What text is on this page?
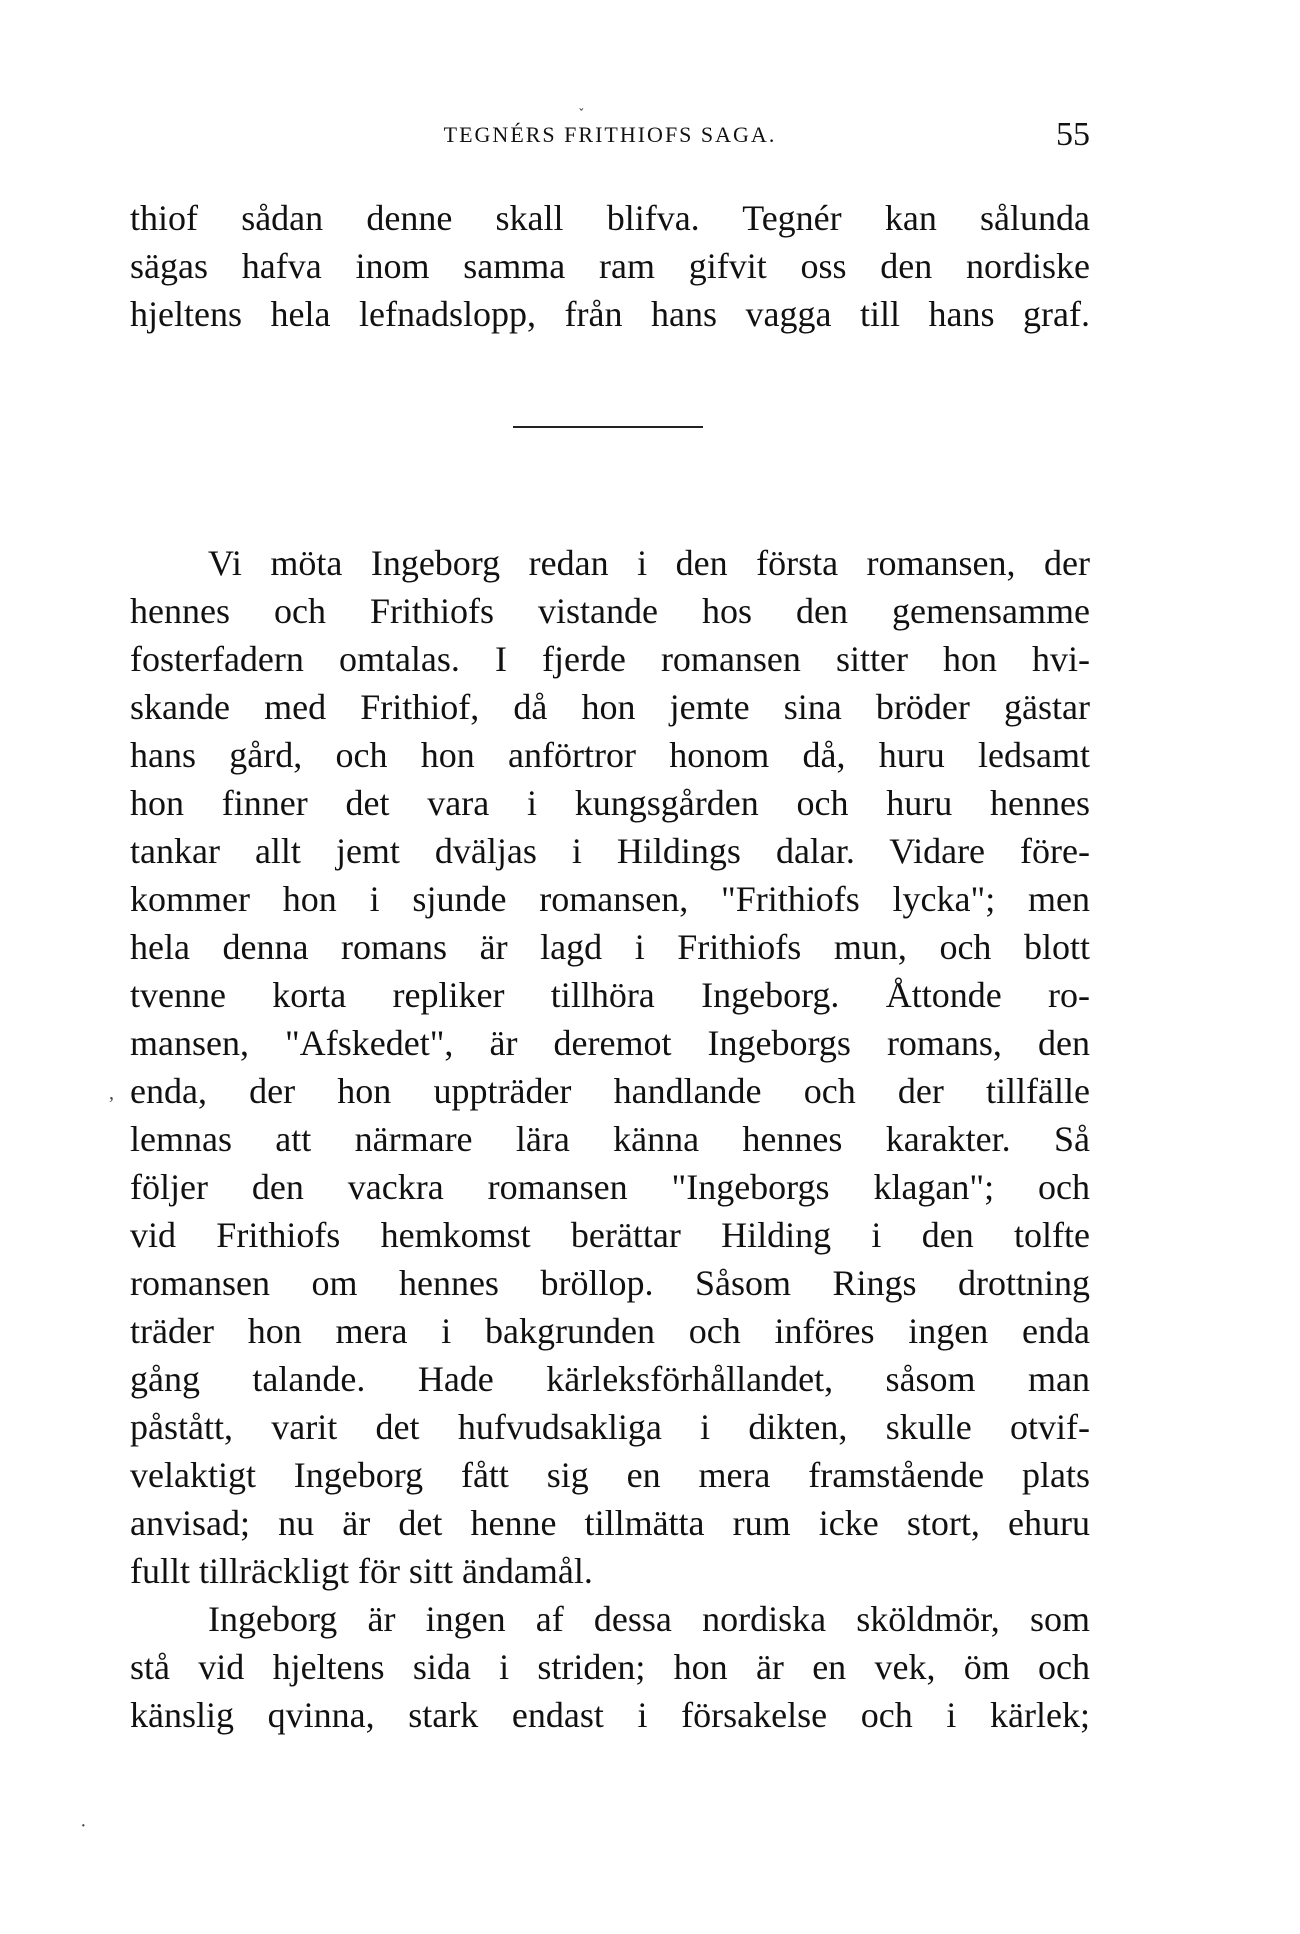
TEGNÉRS FRITHIOFS SAGA.	55
thiof sådan denne skall blifva. Tegnér kan sålunda
sägas hafva inom samma ram gifvit oss den nordiske
hjeltens hela lefnadslopp, från hans vagga till hans graf.
Vi möta Ingeborg redan i den första romansen, der
hennes och Frithiofs vistande hos den gemensamme
fosterfadern omtalas. I fjerde romansen sitter hon hvi-
skande med Frithiof, då hon jemte sina bröder gästar
hans gård, och hon anförtror honom då, huru ledsamt
hon finner det vara i kungsgården och huru hennes
tankar allt jemt dväljas i Hildings dalar. Vidare före-
kommer hon i sjunde romansen, "Frithiofs lycka"; men
hela denna romans är lagd i Frithiofs mun, och blott
tvenne korta repliker tillhöra Ingeborg. Åttonde ro-
mansen, "Afskedet", är deremot Ingeborgs romans, den
enda, der hon uppträder handlande och der tillfälle
lemnas att närmare lära känna hennes karakter. Så
följer den vackra romansen "Ingeborgs klagan"; och
vid Frithiofs hemkomst berättar Hilding i den tolfte
romansen om hennes bröllop. Såsom Rings drottning
träder hon mera i bakgrunden och införes ingen enda
gång talande. Hade kärleksförhållandet, såsom man
påstått, varit det hufvudsakliga i dikten, skulle otvif-
velaktigt Ingeborg fått sig en mera framstående plats
anvisad; nu är det henne tillmätta rum icke stort, ehuru
fullt tillräckligt för sitt ändamål.
Ingeborg är ingen af dessa nordiska sköldmör, som
stå vid hjeltens sida i striden; hon är en vek, öm och
känslig qvinna, stark endast i försakelse och i kärlek;
˯
,
·
